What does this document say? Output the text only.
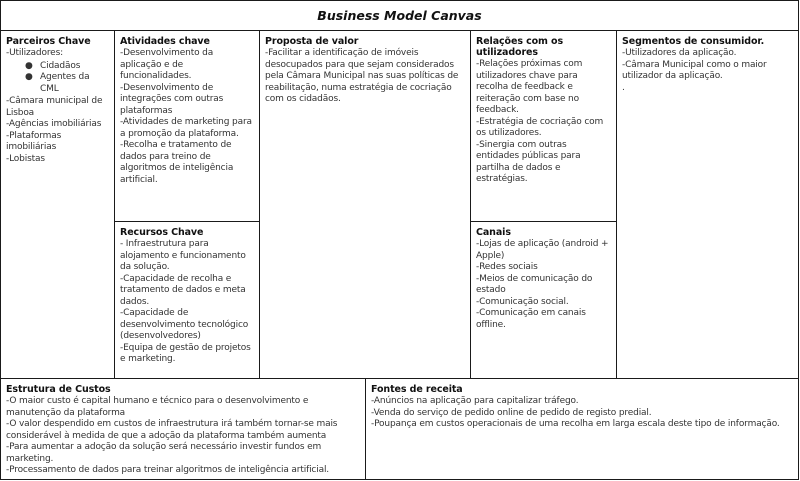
Business Model Canvas
Parceiros Chave
-Utilizadores:
● Cidadãos
● Agentes da CML
-Câmara municipal de Lisboa
-Agências imobiliárias
-Plataformas imobiliárias
-Lobistas
Atividades chave
-Desenvolvimento da aplicação e de funcionalidades.
-Desenvolvimento de integrações com outras plataformas
-Atividades de marketing para a promoção da plataforma.
-Recolha e tratamento de dados para treino de algoritmos de inteligência artificial.
Recursos Chave
- Infraestrutura para alojamento e funcionamento da solução.
-Capacidade de recolha e tratamento de dados e meta dados.
-Capacidade de desenvolvimento tecnológico (desenvolvedores)
-Equipa de gestão de projetos e marketing.
Proposta de valor
-Facilitar a identificação de imóveis desocupados para que sejam considerados pela Câmara Municipal nas suas políticas de reabilitação, numa estratégia de cocriação com os cidadãos.
Relações com os utilizadores
-Relações próximas com utilizadores chave para recolha de feedback e reiteração com base no feedback.
-Estratégia de cocriação com os utilizadores.
-Sinergia com outras entidades públicas para partilha de dados e estratégias.
Canais
-Lojas de aplicação (android + Apple)
-Redes sociais
-Meios de comunicação do estado
-Comunicação social.
-Comunicação em canais offline.
Segmentos de consumidor.
-Utilizadores da aplicação.
-Câmara Municipal como o maior utilizador da aplicação.
.
Estrutura de Custos
-O maior custo é capital humano e técnico para o desenvolvimento e manutenção da plataforma
-O valor despendido em custos de infraestrutura irá também tornar-se mais considerável à medida de que a adoção da plataforma também aumenta
-Para aumentar a adoção da solução será necessário investir fundos em marketing.
-Processamento de dados para treinar algoritmos de inteligência artificial.
Fontes de receita
-Anúncios na aplicação para capitalizar tráfego.
-Venda do serviço de pedido online de pedido de registo predial.
-Poupança em custos operacionais de uma recolha em larga escala deste tipo de informação.
